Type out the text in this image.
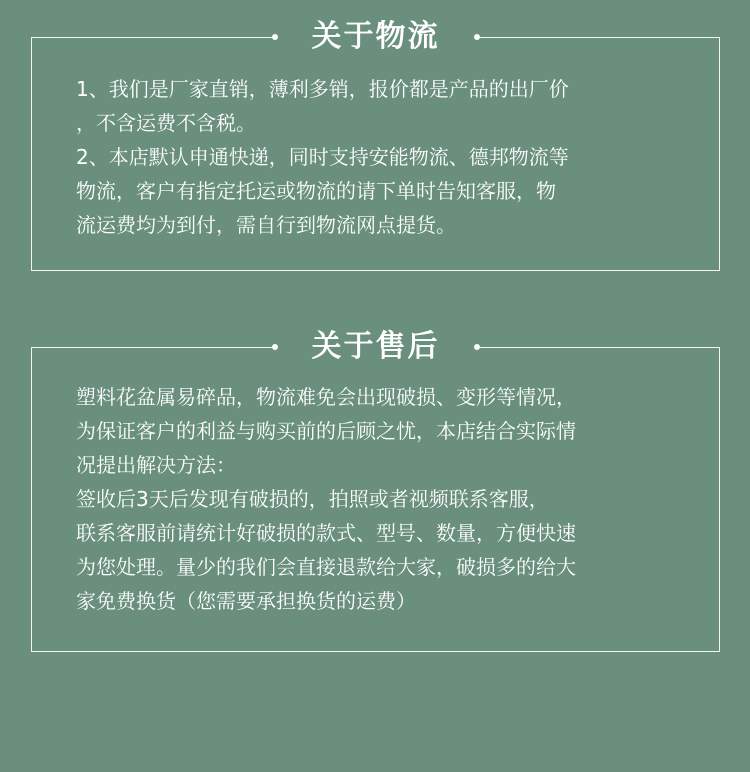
关于物流
1、我们是厂家直销，薄利多销，报价都是产品的出厂价
，不含运费不含税。
2、本店默认申通快递，同时支持安能物流、德邦物流等
物流，客户有指定托运或物流的请下单时告知客服，物
流运费均为到付，需自行到物流网点提货。
关于售后
塑料花盆属易碎品，物流难免会出现破损、变形等情况，
为保证客户的利益与购买前的后顾之忧，本店结合实际情
况提出解决方法：
签收后3天后发现有破损的，拍照或者视频联系客服，
联系客服前请统计好破损的款式、型号、数量，方便快速
为您处理。量少的我们会直接退款给大家，破损多的给大
家免费换货（您需要承担换货的运费）
